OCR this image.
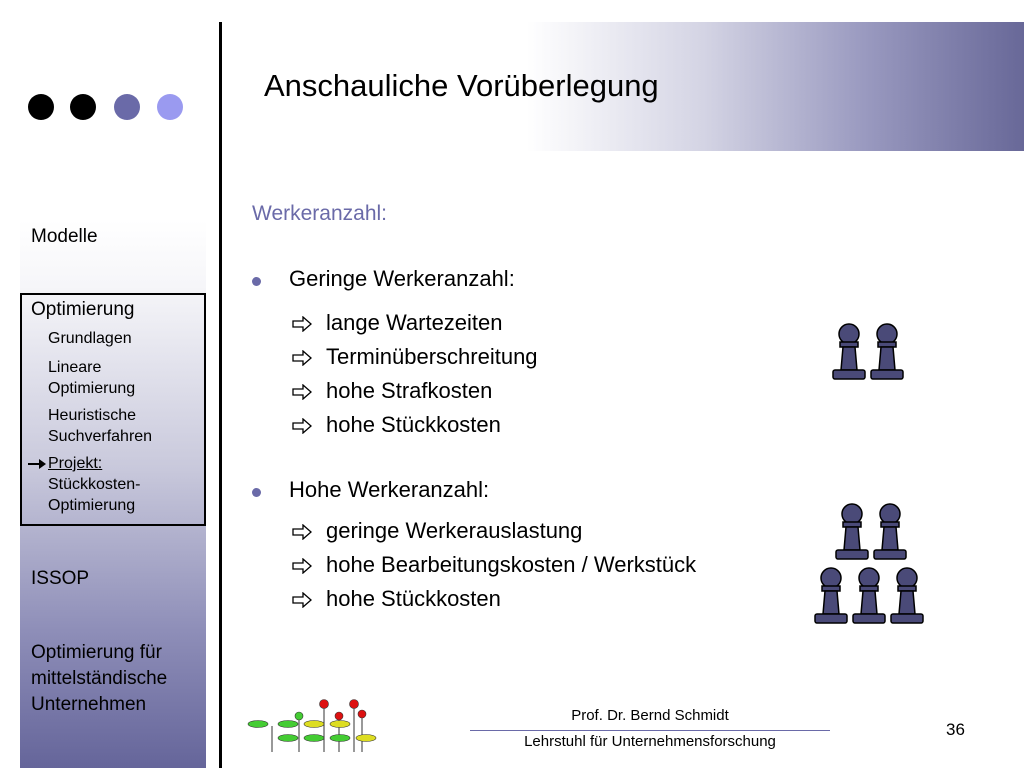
Anschauliche Vorüberlegung
Modelle
Optimierung
Grundlagen
Lineare
Optimierung
Heuristische
Suchverfahren
Projekt:
Stückkosten-
Optimierung
ISSOP
Optimierung für
mittelständische
Unternehmen
Werkeranzahl:
Geringe Werkeranzahl:
lange Wartezeiten
Terminüberschreitung
hohe Strafkosten
hohe Stückkosten
Hohe Werkeranzahl:
geringe Werkerauslastung
hohe Bearbeitungskosten / Werkstück
hohe Stückkosten
Prof. Dr. Bernd Schmidt
Lehrstuhl für Unternehmensforschung
36
